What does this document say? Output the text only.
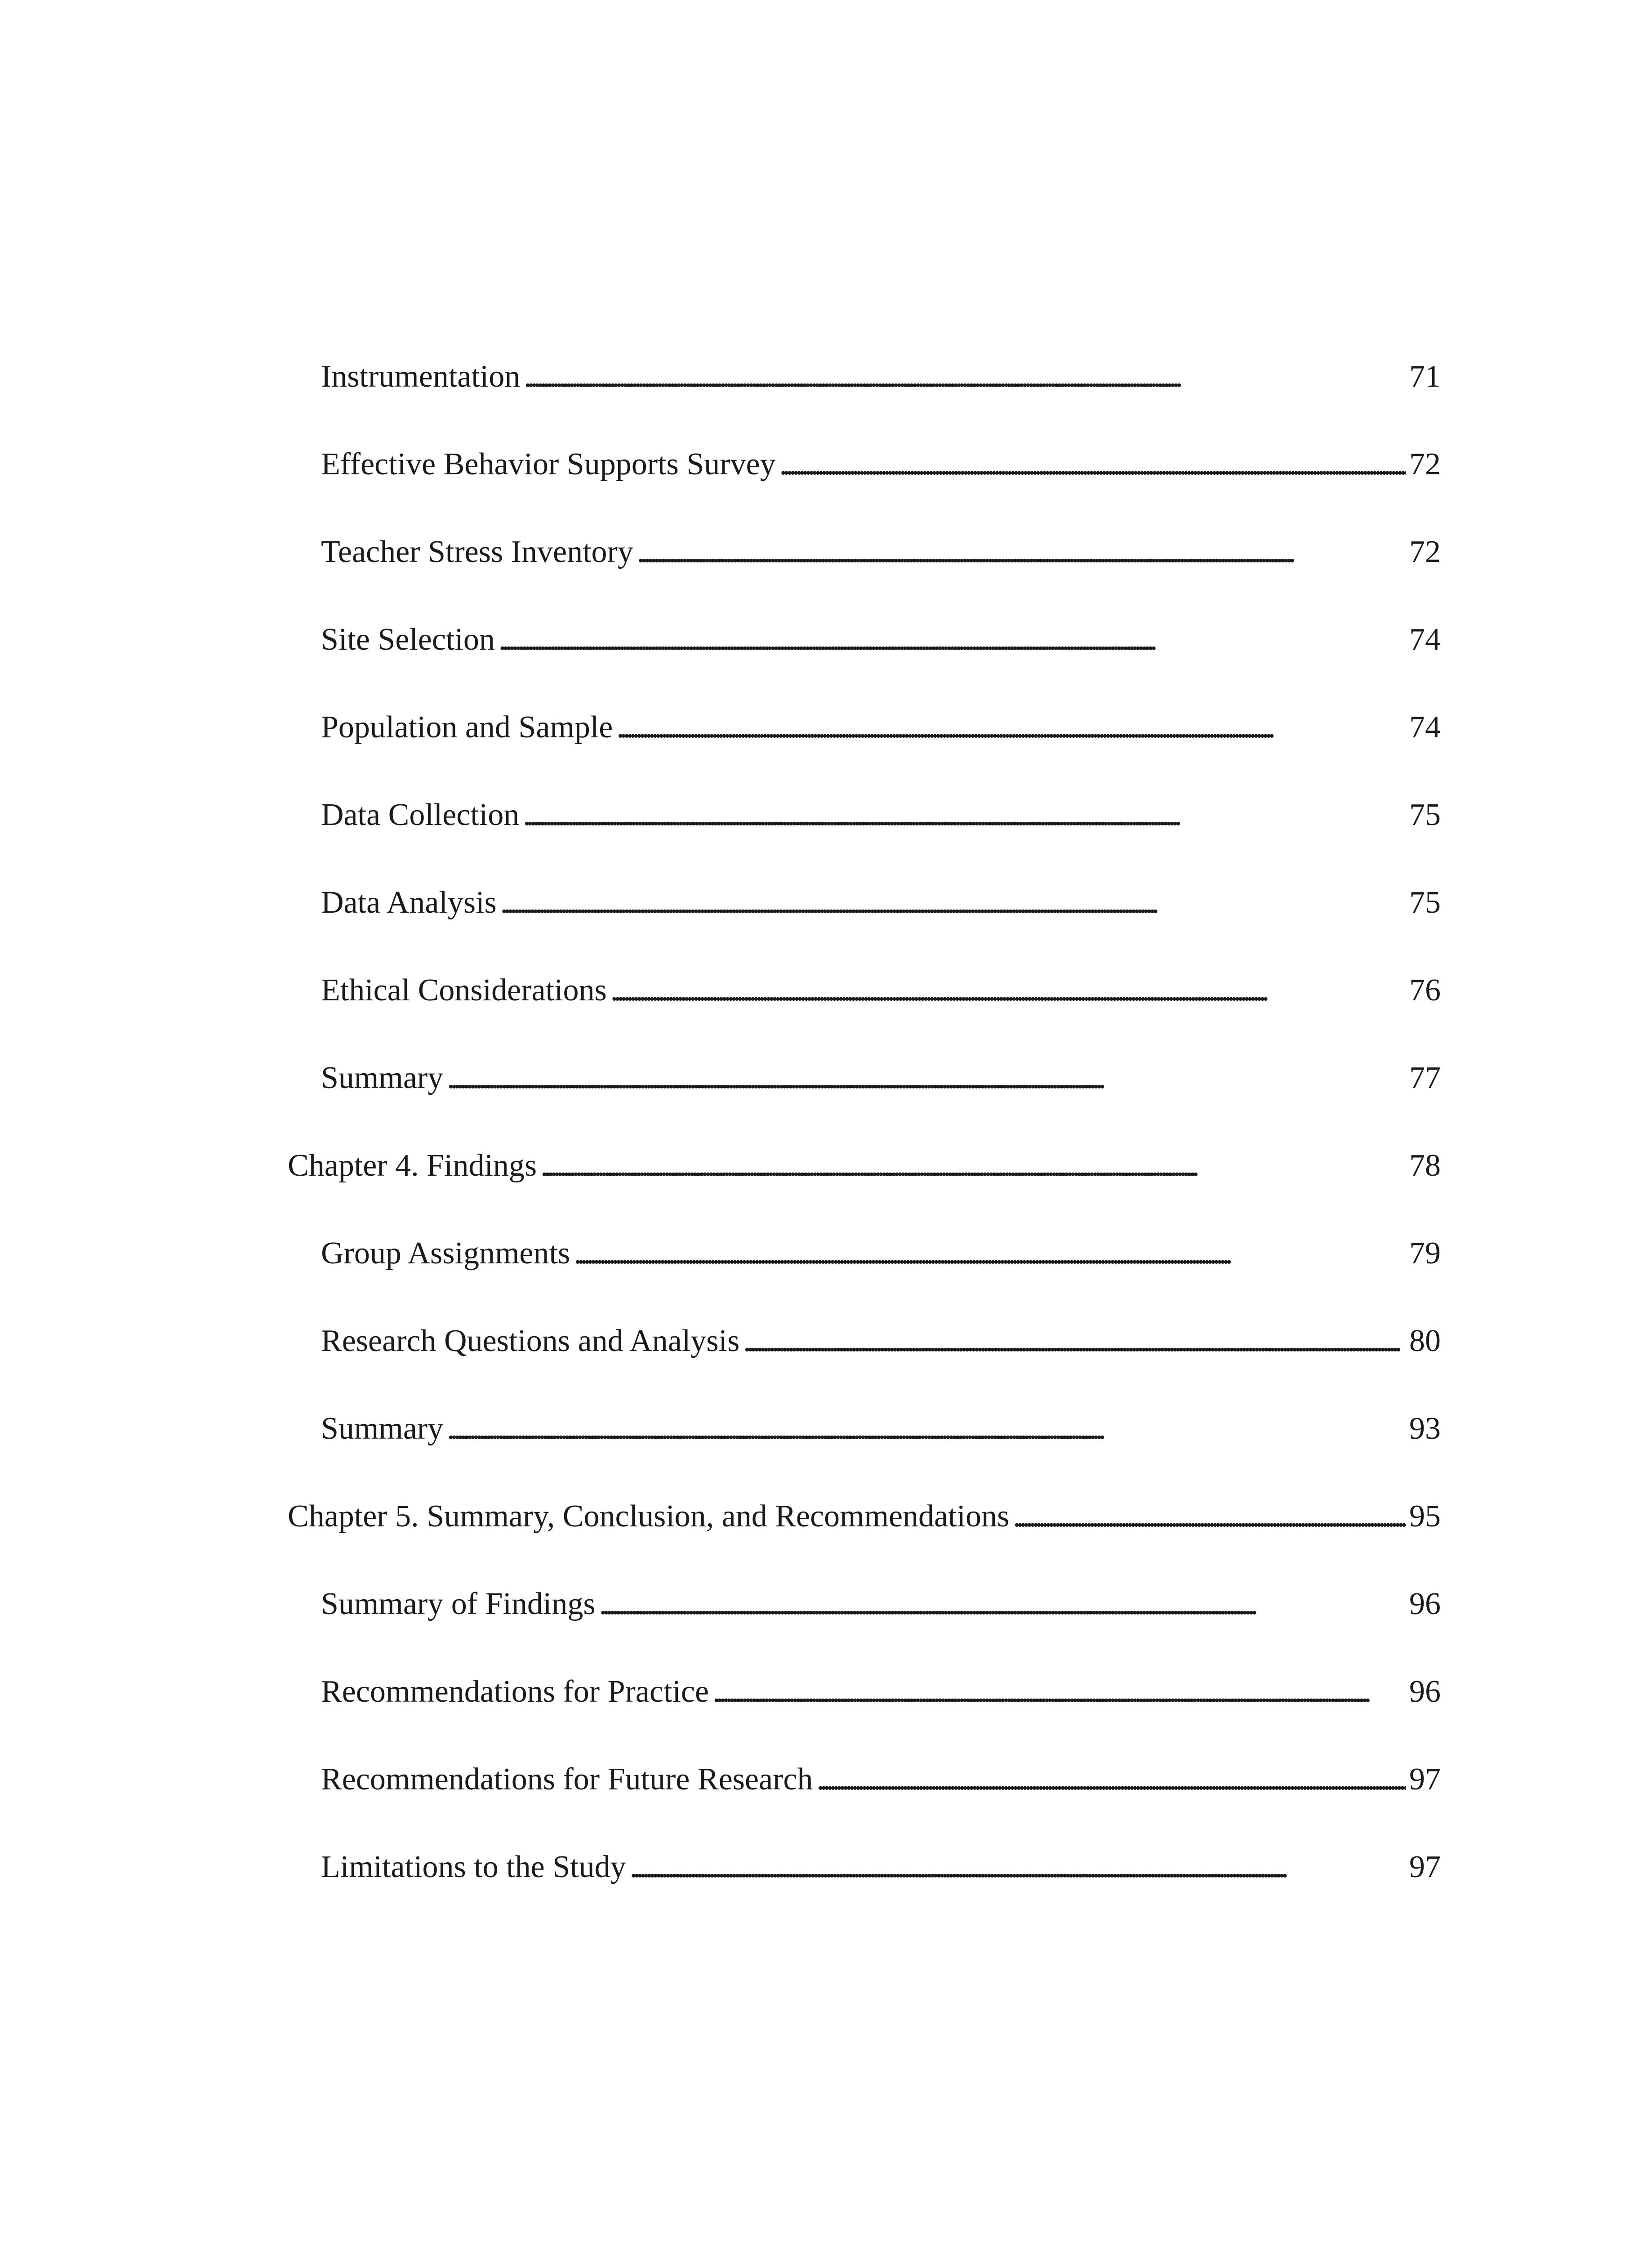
Instrumentation . . .	71
Effective Behavior Supports Survey . . .	72
Teacher Stress Inventory . . .	72
Site Selection . . .	74
Population and Sample . . .	74
Data Collection . . .	75
Data Analysis . . .	75
Ethical Considerations . . .	76
Summary . . .	77
Chapter 4. Findings . . .	78
Group Assignments . . .	79
Research Questions and Analysis . . .	80
Summary . . .	93
Chapter 5. Summary, Conclusion, and Recommendations . . .	95
Summary of Findings . . .	96
Recommendations for Practice . . .	96
Recommendations for Future Research . . .	97
Limitations to the Study . . .	97
